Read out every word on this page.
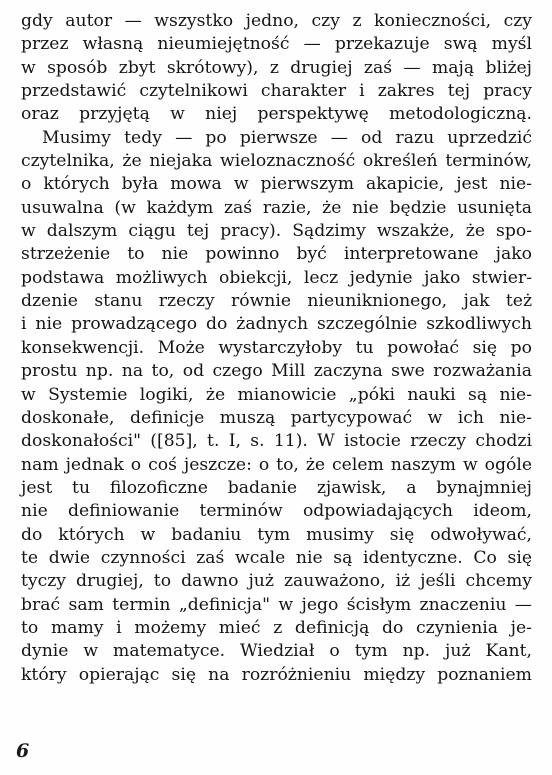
gdy autor — wszystko jedno, czy z konieczności, czy
przez własną nieumiejętność — przekazuje swą myśl
w sposób zbyt skrótowy), z drugiej zaś — mają bliżej
przedstawić czytelnikowi charakter i zakres tej pracy
oraz przyjętą w niej perspektywę metodologiczną.
Musimy tedy — po pierwsze — od razu uprzedzić
czytelnika, że niejaka wieloznaczność określeń terminów,
o których była mowa w pierwszym akapicie, jest nie-
usuwalna (w każdym zaś razie, że nie będzie usunięta
w dalszym ciągu tej pracy). Sądzimy wszakże, że spo-
strzeżenie to nie powinno być interpretowane jako
podstawa możliwych obiekcji, lecz jedynie jako stwier-
dzenie stanu rzeczy równie nieuniknionego, jak też
i nie prowadzącego do żadnych szczególnie szkodliwych
konsekwencji. Może wystarczyłoby tu powołać się po
prostu np. na to, od czego Mill zaczyna swe rozważania
w Systemie logiki, że mianowicie „póki nauki są nie-
doskonałe, definicje muszą partycypować w ich nie-
doskonałości" ([85], t. I, s. 11). W istocie rzeczy chodzi
nam jednak o coś jeszcze: o to, że celem naszym w ogóle
jest tu filozoficzne badanie zjawisk, a bynajmniej
nie definiowanie terminów odpowiadających ideom,
do których w badaniu tym musimy się odwoływać,
te dwie czynności zaś wcale nie są identyczne. Co się
tyczy drugiej, to dawno już zauważono, iż jeśli chcemy
brać sam termin „definicja" w jego ścisłym znaczeniu —
to mamy i możemy mieć z definicją do czynienia je-
dynie w matematyce. Wiedział o tym np. już Kant,
który opierając się na rozróżnieniu między poznaniem
6
